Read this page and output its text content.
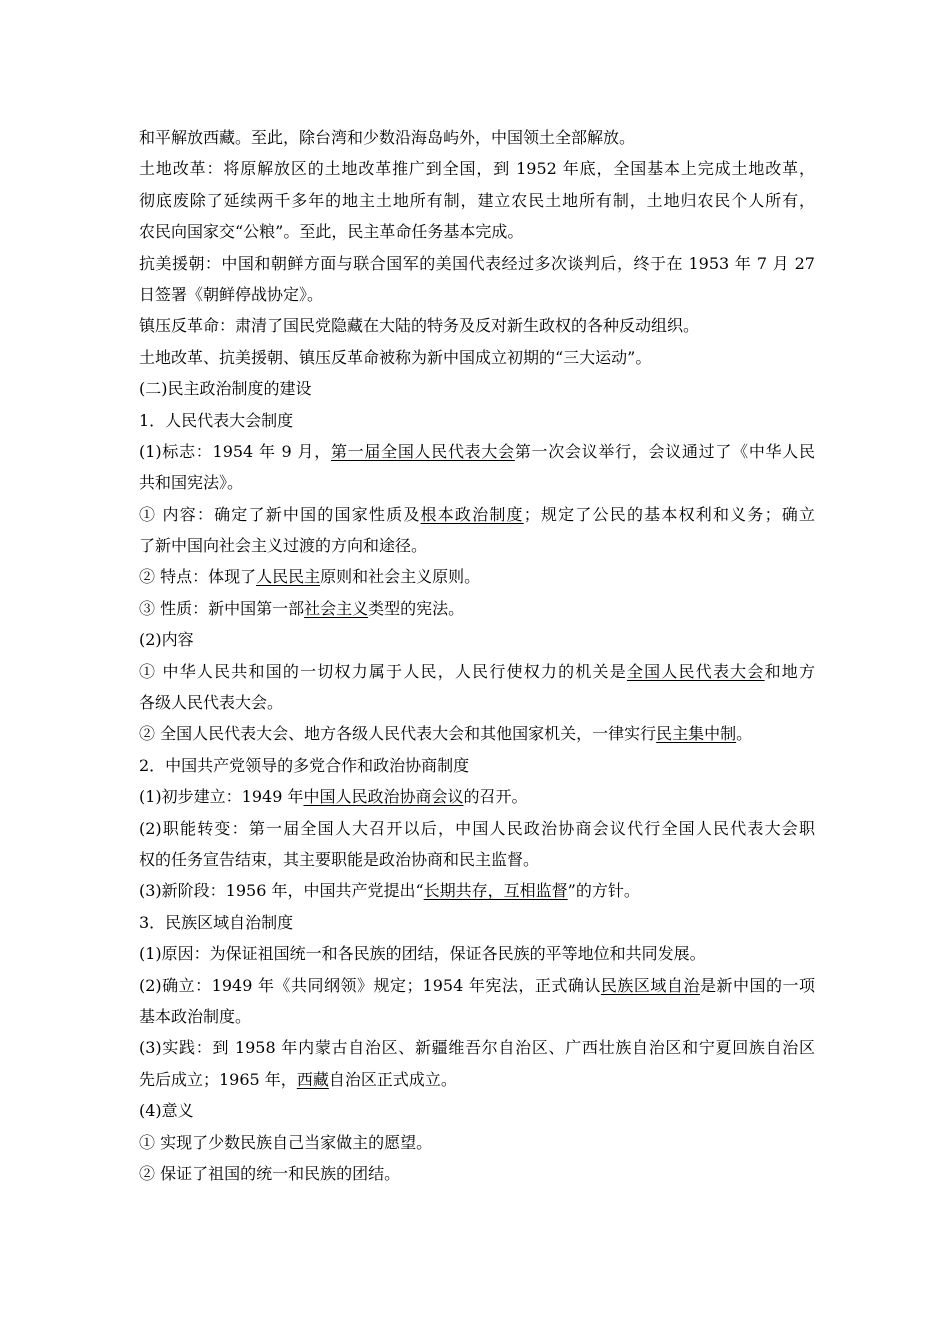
和平解放西藏。至此，除台湾和少数沿海岛屿外，中国领土全部解放。
土地改革：将原解放区的土地改革推广到全国，到 1952 年底，全国基本上完成土地改革，
彻底废除了延续两千多年的地主土地所有制，建立农民土地所有制，土地归农民个人所有，
农民向国家交“公粮”。至此，民主革命任务基本完成。
抗美援朝：中国和朝鲜方面与联合国军的美国代表经过多次谈判后，终于在 1953 年 7 月 27
日签署《朝鲜停战协定》。
镇压反革命：肃清了国民党隐藏在大陆的特务及反对新生政权的各种反动组织。
土地改革、抗美援朝、镇压反革命被称为新中国成立初期的“三大运动”。
(二)民主政治制度的建设
1．人民代表大会制度
(1)标志：1954 年 9 月，第一届全国人民代表大会第一次会议举行，会议通过了《中华人民
共和国宪法》。
① 内容：确定了新中国的国家性质及根本政治制度；规定了公民的基本权利和义务；确立
了新中国向社会主义过渡的方向和途径。
② 特点：体现了人民民主原则和社会主义原则。
③ 性质：新中国第一部社会主义类型的宪法。
(2)内容
① 中华人民共和国的一切权力属于人民，人民行使权力的机关是全国人民代表大会和地方
各级人民代表大会。
② 全国人民代表大会、地方各级人民代表大会和其他国家机关，一律实行民主集中制。
2．中国共产党领导的多党合作和政治协商制度
(1)初步建立：1949 年中国人民政治协商会议的召开。
(2)职能转变：第一届全国人大召开以后，中国人民政治协商会议代行全国人民代表大会职
权的任务宣告结束，其主要职能是政治协商和民主监督。
(3)新阶段：1956 年，中国共产党提出“长期共存，互相监督”的方针。
3．民族区域自治制度
(1)原因：为保证祖国统一和各民族的团结，保证各民族的平等地位和共同发展。
(2)确立：1949 年《共同纲领》规定；1954 年宪法，正式确认民族区域自治是新中国的一项
基本政治制度。
(3)实践：到 1958 年内蒙古自治区、新疆维吾尔自治区、广西壮族自治区和宁夏回族自治区
先后成立；1965 年，西藏自治区正式成立。
(4)意义
① 实现了少数民族自己当家做主的愿望。
② 保证了祖国的统一和民族的团结。
